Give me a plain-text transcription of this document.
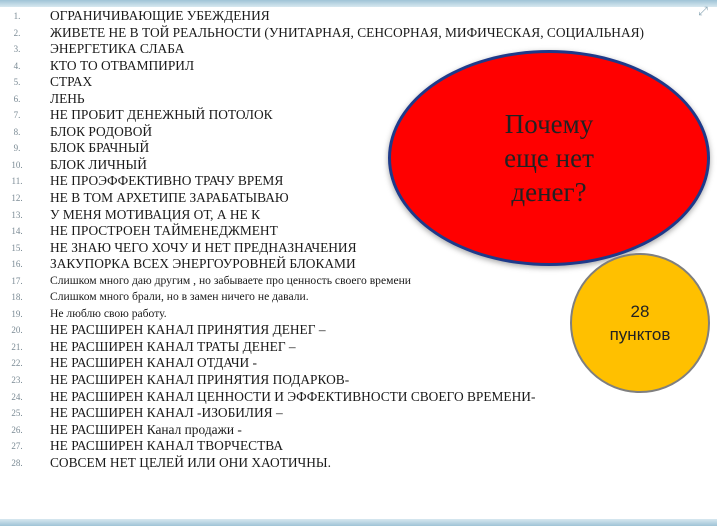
⤢
1.	ОГРАНИЧИВАЮЩИЕ УБЕЖДЕНИЯ
2.	ЖИВЕТЕ НЕ В ТОЙ РЕАЛЬНОСТИ (УНИТАРНАЯ, СЕНСОРНАЯ, МИФИЧЕСКАЯ, СОЦИАЛЬНАЯ)
3.	ЭНЕРГЕТИКА СЛАБА
4.	КТО ТО ОТВАМПИРИЛ
5.	СТРАХ
6.	ЛЕНЬ
7.	НЕ ПРОБИТ ДЕНЕЖНЫЙ ПОТОЛОК
8.	БЛОК РОДОВОЙ
9.	БЛОК БРАЧНЫЙ
10.	БЛОК ЛИЧНЫЙ
11.	НЕ ПРОЭФФЕКТИВНО ТРАЧУ ВРЕМЯ
12.	НЕ В ТОМ АРХЕТИПЕ ЗАРАБАТЫВАЮ
13.	У МЕНЯ МОТИВАЦИЯ ОТ, А НЕ К
14.	НЕ ПРОСТРОЕН ТАЙМЕНЕДЖМЕНТ
15.	НЕ ЗНАЮ ЧЕГО ХОЧУ И НЕТ ПРЕДНАЗНАЧЕНИЯ
16.	ЗАКУПОРКА ВСЕХ ЭНЕРГОУРОВНЕЙ БЛОКАМИ
17.	Слишком много даю другим , но забываете про ценность своего времени
18.	Слишком много брали, но в замен ничего не давали.
19.	Не люблю свою работу.
20.	НЕ РАСШИРЕН КАНАЛ ПРИНЯТИЯ ДЕНЕГ –
21.	НЕ РАСШИРЕН КАНАЛ ТРАТЫ ДЕНЕГ –
22.	НЕ РАСШИРЕН КАНАЛ ОТДАЧИ -
23.	НЕ РАСШИРЕН КАНАЛ ПРИНЯТИЯ ПОДАРКОВ-
24.	НЕ РАСШИРЕН КАНАЛ ЦЕННОСТИ И ЭФФЕКТИВНОСТИ СВОЕГО ВРЕМЕНИ-
25.	НЕ РАСШИРЕН КАНАЛ -ИЗОБИЛИЯ –
26.	НЕ РАСШИРЕН Канал продажи -
27.	НЕ РАСШИРЕН КАНАЛ ТВОРЧЕСТВА
28.	СОВСЕМ НЕТ ЦЕЛЕЙ ИЛИ ОНИ ХАОТИЧНЫ.
Почему
еще нет
денег?
28
пунктов
